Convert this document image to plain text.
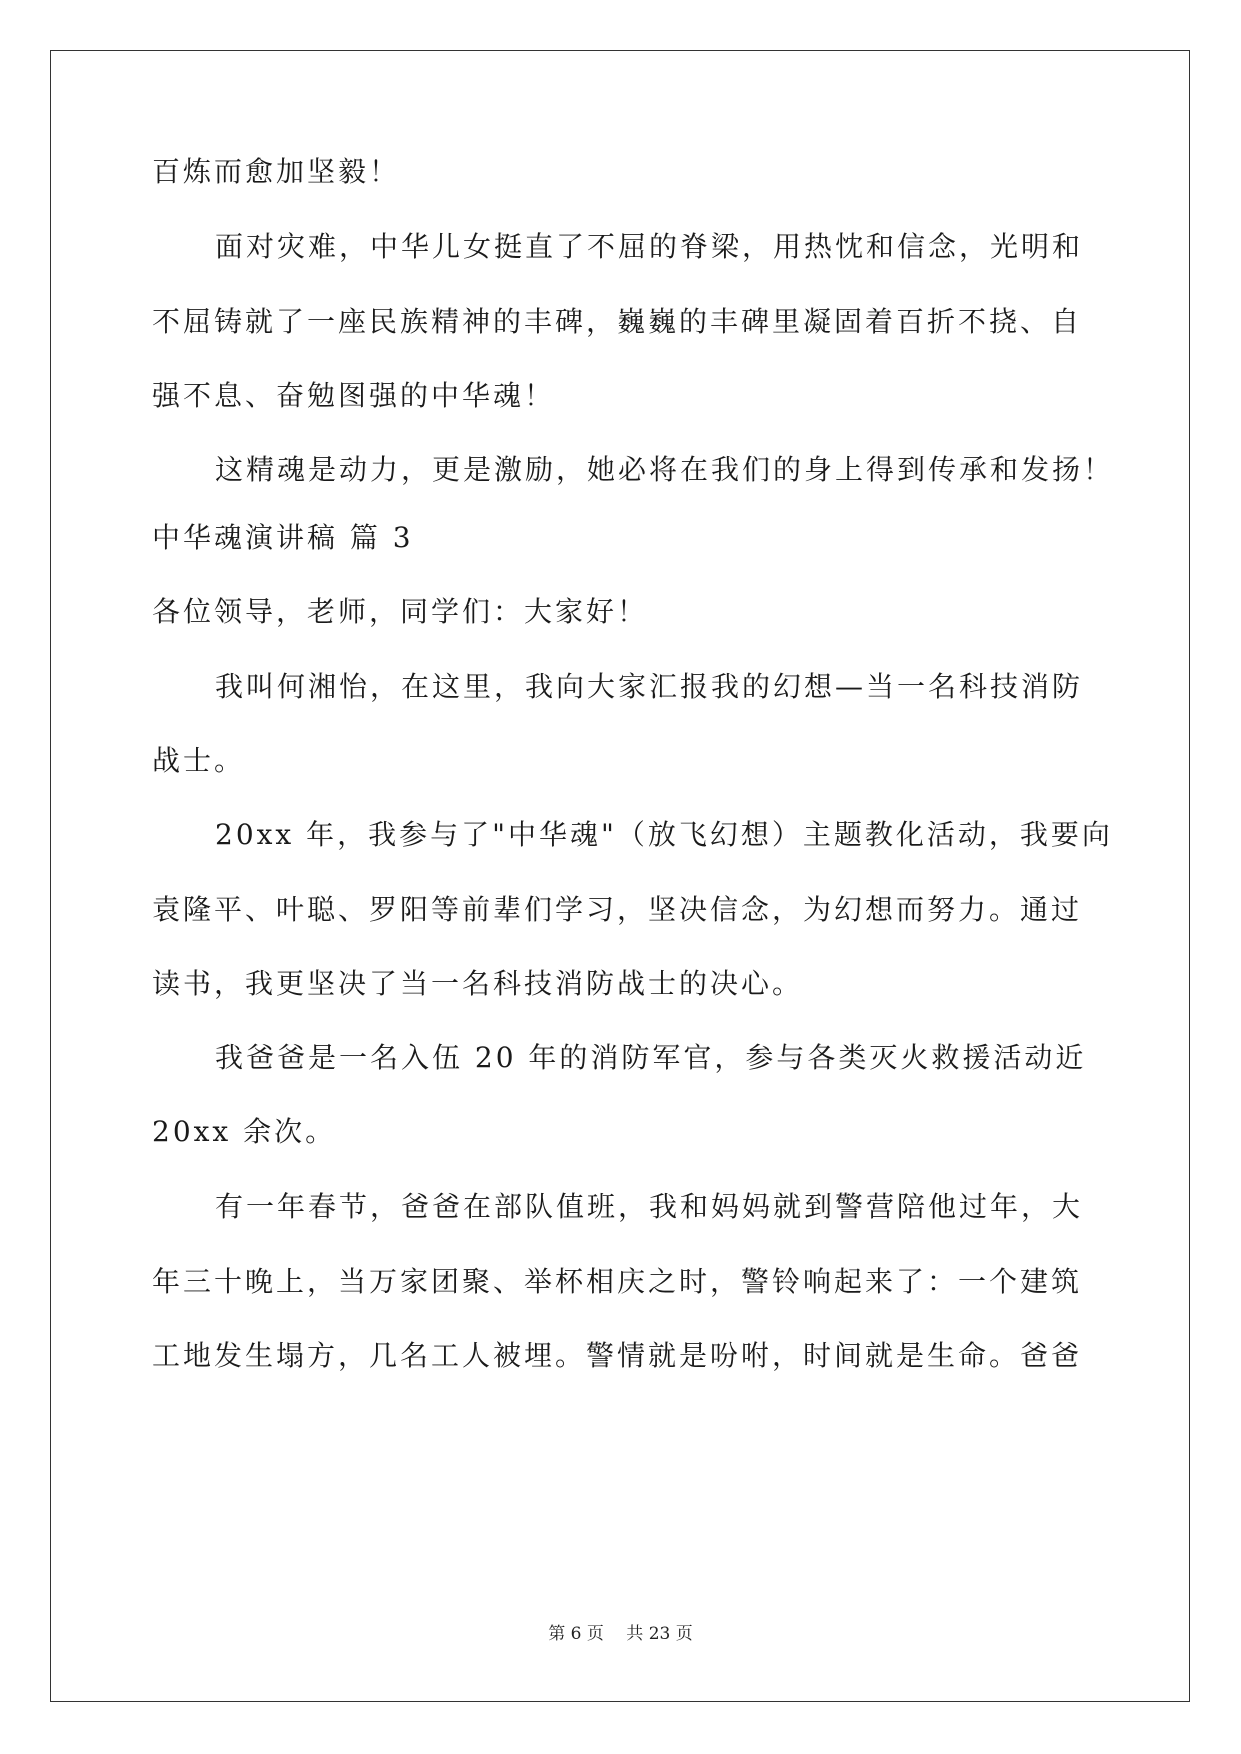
百炼而愈加坚毅！
面对灾难，中华儿女挺直了不屈的脊梁，用热忱和信念，光明和
不屈铸就了一座民族精神的丰碑，巍巍的丰碑里凝固着百折不挠、自
强不息、奋勉图强的中华魂！
这精魂是动力，更是激励，她必将在我们的身上得到传承和发扬！
中华魂演讲稿 篇 3
各位领导，老师，同学们：大家好！
我叫何湘怡，在这里，我向大家汇报我的幻想—当一名科技消防
战士。
20xx 年，我参与了"中华魂"（放飞幻想）主题教化活动，我要向
袁隆平、叶聪、罗阳等前辈们学习，坚决信念，为幻想而努力。通过
读书，我更坚决了当一名科技消防战士的决心。
我爸爸是一名入伍 20 年的消防军官，参与各类灭火救援活动近
20xx 余次。
有一年春节，爸爸在部队值班，我和妈妈就到警营陪他过年，大
年三十晚上，当万家团聚、举杯相庆之时，警铃响起来了：一个建筑
工地发生塌方，几名工人被埋。警情就是吩咐，时间就是生命。爸爸
第 6 页　 共 23 页
